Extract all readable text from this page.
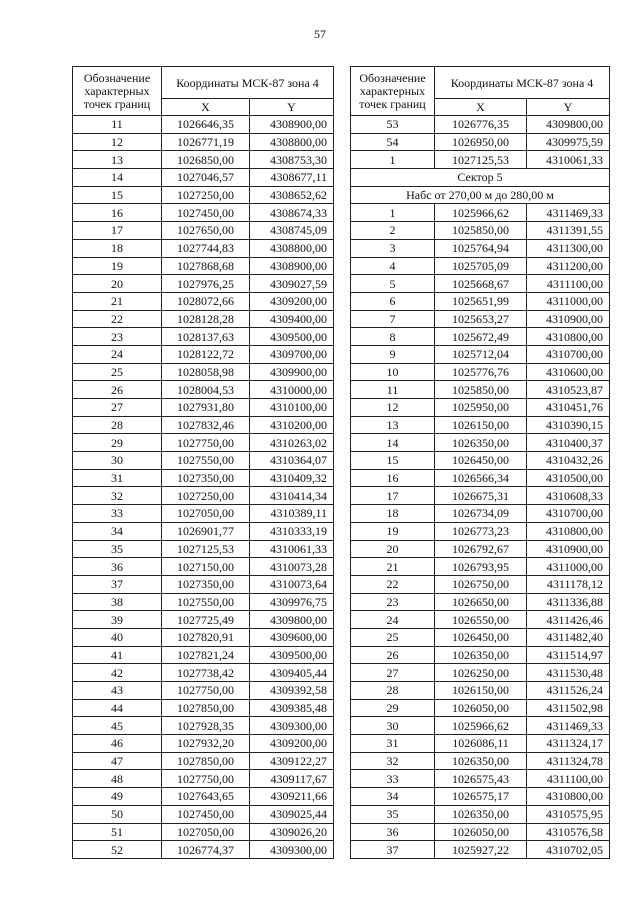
57
Обозначение характерных точек границ	Координаты МСК-87 зона 4	
	X	Y
11	1026646,35	4308900,00
12	1026771,19	4308800,00
13	1026850,00	4308753,30
14	1027046,57	4308677,11
15	1027250,00	4308652,62
16	1027450,00	4308674,33
17	1027650,00	4308745,09
18	1027744,83	4308800,00
19	1027868,68	4308900,00
20	1027976,25	4309027,59
21	1028072,66	4309200,00
22	1028128,28	4309400,00
23	1028137,63	4309500,00
24	1028122,72	4309700,00
25	1028058,98	4309900,00
26	1028004,53	4310000,00
27	1027931,80	4310100,00
28	1027832,46	4310200,00
29	1027750,00	4310263,02
30	1027550,00	4310364,07
31	1027350,00	4310409,32
32	1027250,00	4310414,34
33	1027050,00	4310389,11
34	1026901,77	4310333,19
35	1027125,53	4310061,33
36	1027150,00	4310073,28
37	1027350,00	4310073,64
38	1027550,00	4309976,75
39	1027725,49	4309800,00
40	1027820,91	4309600,00
41	1027821,24	4309500,00
42	1027738,42	4309405,44
43	1027750,00	4309392,58
44	1027850,00	4309385,48
45	1027928,35	4309300,00
46	1027932,20	4309200,00
47	1027850,00	4309122,27
48	1027750,00	4309117,67
49	1027643,65	4309211,66
50	1027450,00	4309025,44
51	1027050,00	4309026,20
52	1026774,37	4309300,00
Обозначение характерных точек границ	Координаты МСК-87 зона 4	
	X	Y
53	1026776,35	4309800,00
54	1026950,00	4309975,59
1	1027125,53	4310061,33
Сектор 5		
Набс от 270,00 м до 280,00 м		
1	1025966,62	4311469,33
2	1025850,00	4311391,55
3	1025764,94	4311300,00
4	1025705,09	4311200,00
5	1025668,67	4311100,00
6	1025651,99	4311000,00
7	1025653,27	4310900,00
8	1025672,49	4310800,00
9	1025712,04	4310700,00
10	1025776,76	4310600,00
11	1025850,00	4310523,87
12	1025950,00	4310451,76
13	1026150,00	4310390,15
14	1026350,00	4310400,37
15	1026450,00	4310432,26
16	1026566,34	4310500,00
17	1026675,31	4310608,33
18	1026734,09	4310700,00
19	1026773,23	4310800,00
20	1026792,67	4310900,00
21	1026793,95	4311000,00
22	1026750,00	4311178,12
23	1026650,00	4311336,88
24	1026550,00	4311426,46
25	1026450,00	4311482,40
26	1026350,00	4311514,97
27	1026250,00	4311530,48
28	1026150,00	4311526,24
29	1026050,00	4311502,98
30	1025966,62	4311469,33
31	1026086,11	4311324,17
32	1026350,00	4311324,78
33	1026575,43	4311100,00
34	1026575,17	4310800,00
35	1026350,00	4310575,95
36	1026050,00	4310576,58
37	1025927,22	4310702,05
